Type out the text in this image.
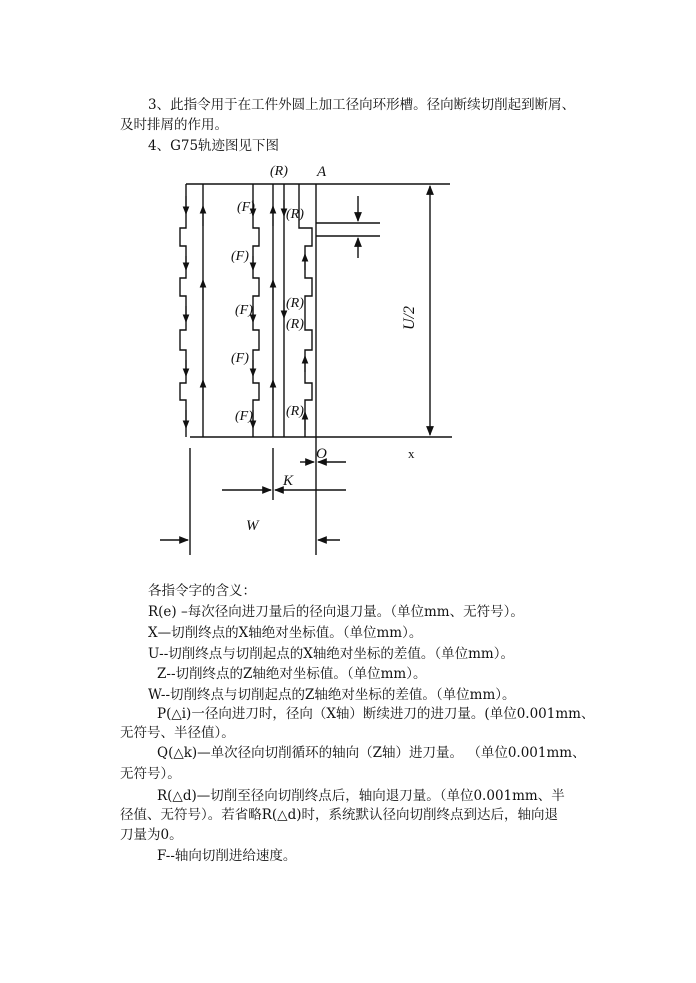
3、此指令用于在工件外圆上加工径向环形槽。径向断续切削起到断屑、
及时排屑的作用。
4、G75轨迹图见下图
(R) A
(F)
(F)
(F)
(F)
(F)
(R)
(R)
(R)
(R)
U/2
x
O
K
W
各指令字的含义：
R(e) –每次径向进刀量后的径向退刀量。（单位mm、无符号）。
X—切削终点的X轴绝对坐标值。（单位mm）。
U--切削终点与切削起点的X轴绝对坐标的差值。（单位mm）。
Z--切削终点的Z轴绝对坐标值。（单位mm）。
W--切削终点与切削起点的Z轴绝对坐标的差值。（单位mm）。
P(△i)一径向进刀时，径向（X轴）断续进刀的进刀量。(单位0.001mm、
无符号、半径值）。
Q(△k)—单次径向切削循环的轴向（Z轴）进刀量。 （单位0.001mm、
无符号）。
R(△d)—切削至径向切削终点后，轴向退刀量。（单位0.001mm、半
径值、无符号）。若省略R(△d)时，系统默认径向切削终点到达后，轴向退
刀量为0。
F--轴向切削进给速度。
